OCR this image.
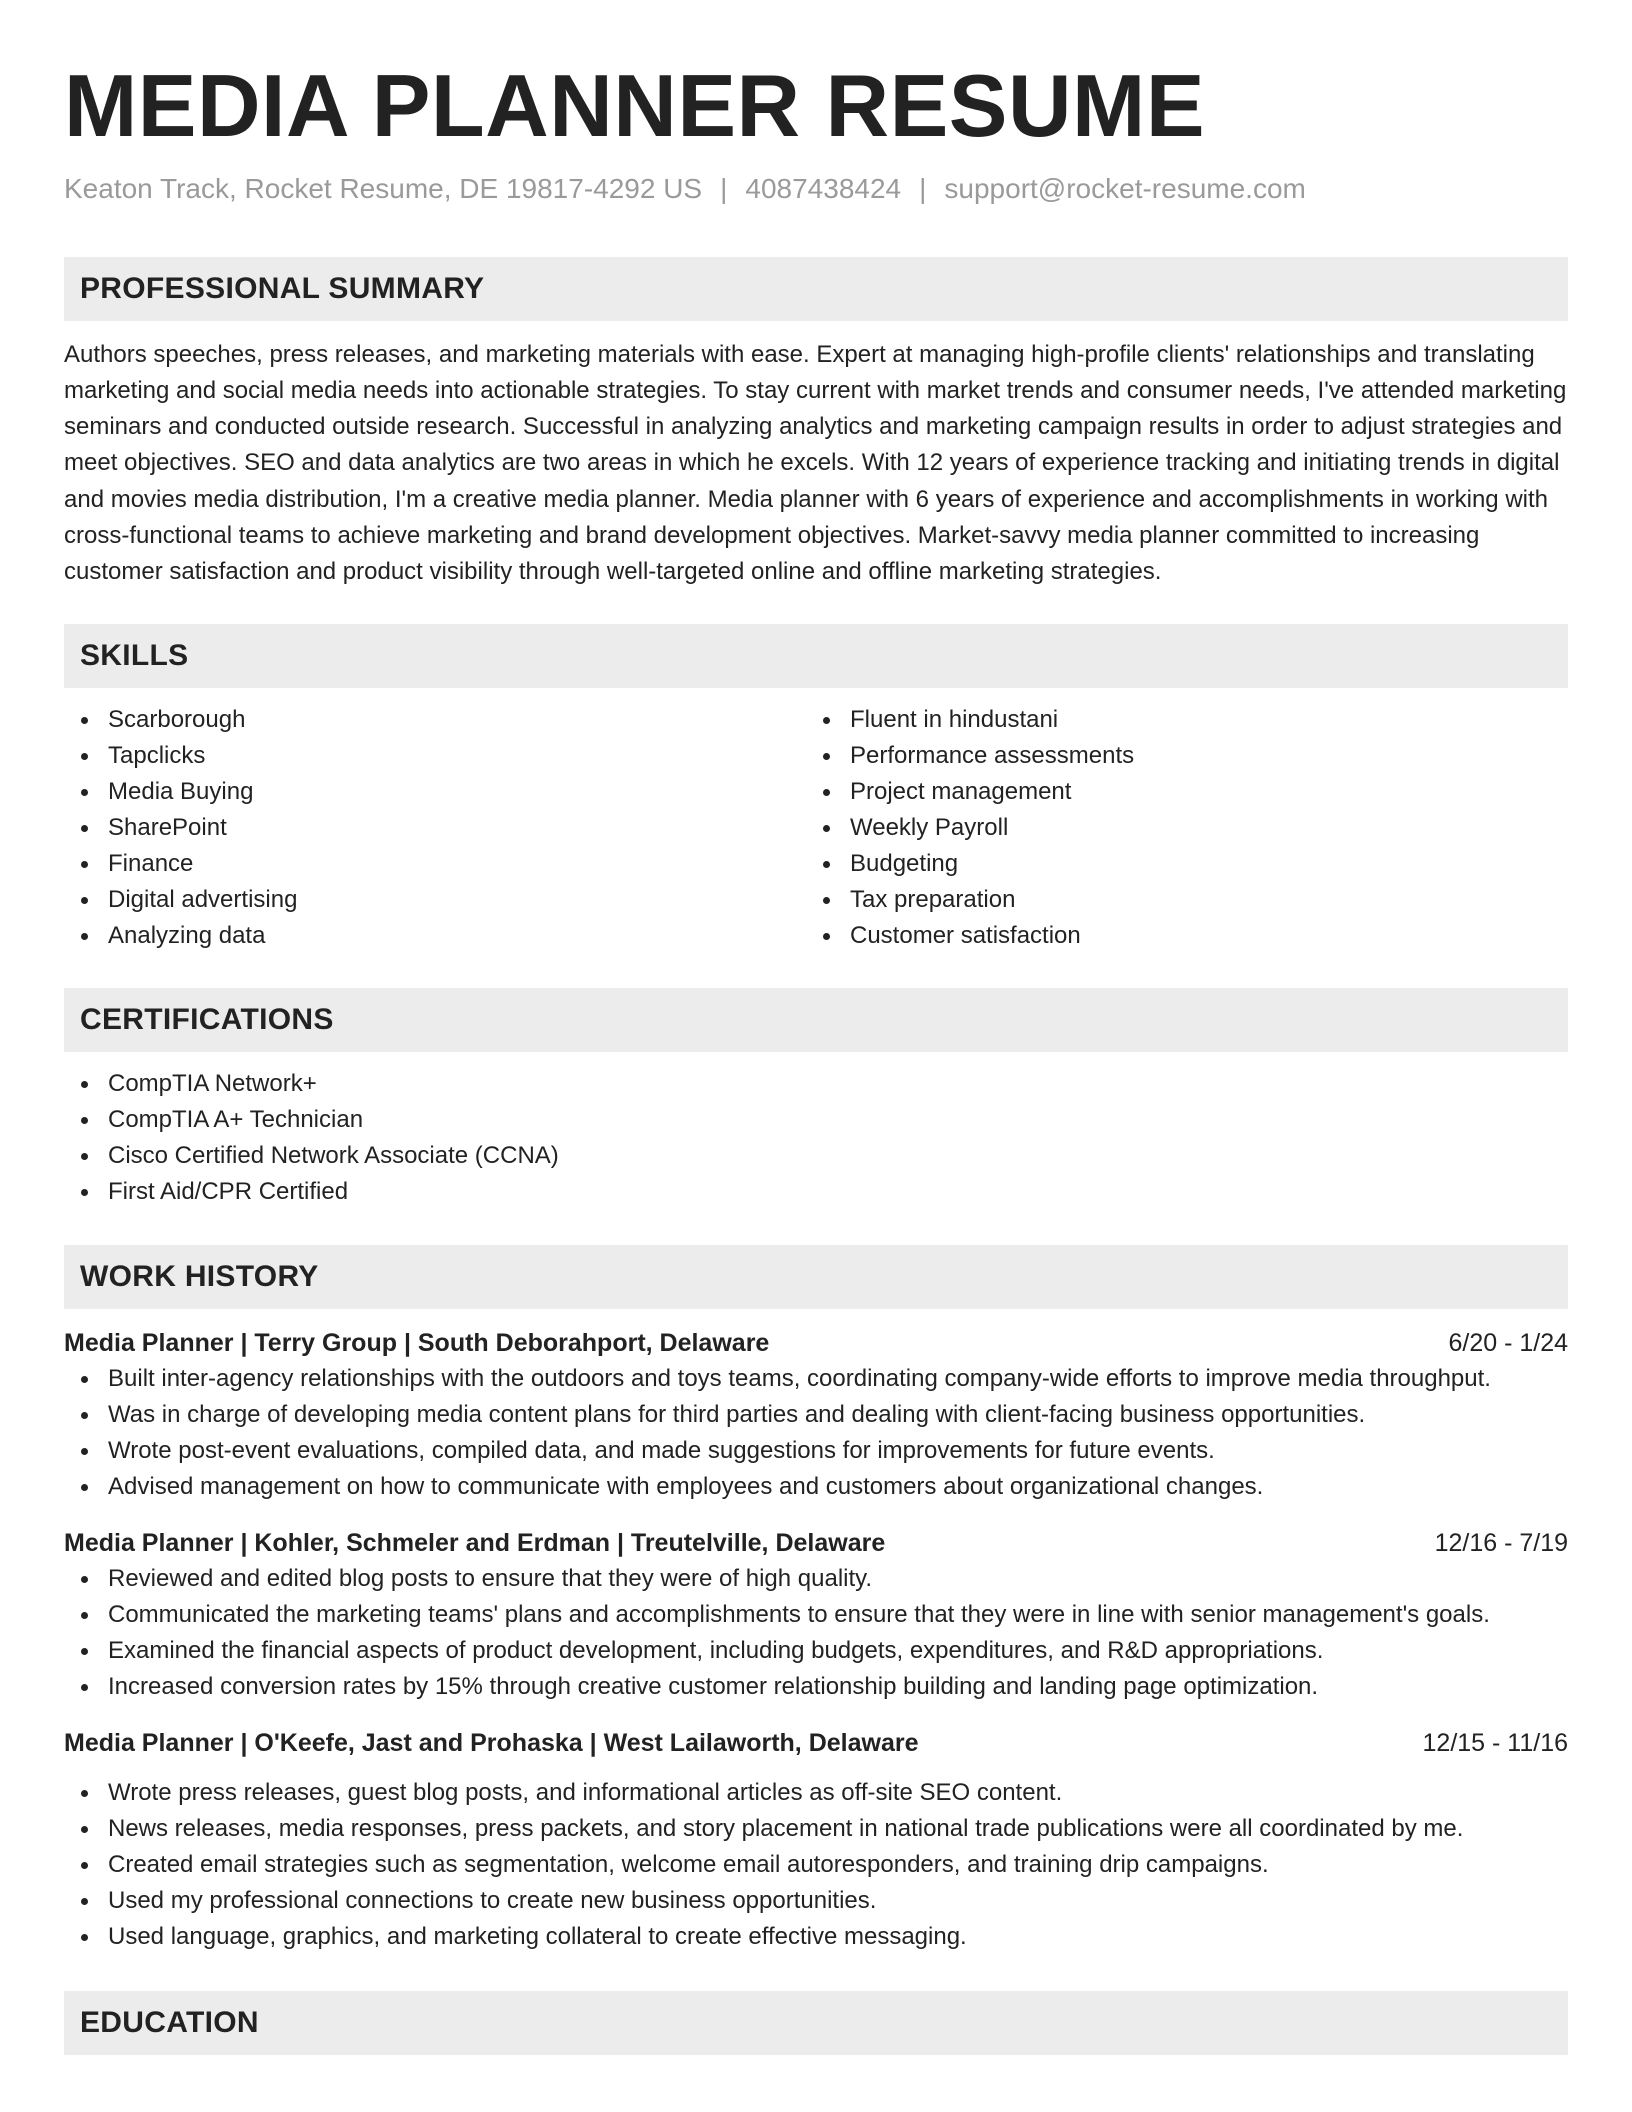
MEDIA PLANNER RESUME
Keaton Track, Rocket Resume, DE 19817-4292 US | 4087438424 | support@rocket-resume.com
PROFESSIONAL SUMMARY

Authors speeches, press releases, and marketing materials with ease. Expert at managing high-profile clients' relationships and translating marketing and social media needs into actionable strategies. To stay current with market trends and consumer needs, I've attended marketing seminars and conducted outside research. Successful in analyzing analytics and marketing campaign results in order to adjust strategies and meet objectives. SEO and data analytics are two areas in which he excels. With 12 years of experience tracking and initiating trends in digital and movies media distribution, I'm a creative media planner. Media planner with 6 years of experience and accomplishments in working with cross-functional teams to achieve marketing and brand development objectives. Market-savvy media planner committed to increasing customer satisfaction and product visibility through well-targeted online and offline marketing strategies.

SKILLS
Scarborough
Tapclicks
Media Buying
SharePoint
Finance
Digital advertising
Analyzing data
Fluent in hindustani
Performance assessments
Project management
Weekly Payroll
Budgeting
Tax preparation
Customer satisfaction
CERTIFICATIONS
CompTIA Network+
CompTIA A+ Technician
Cisco Certified Network Associate (CCNA)
First Aid/CPR Certified
WORK HISTORY
Media Planner | Terry Group | South Deborahport, Delaware	6/20 - 1/24
Built inter-agency relationships with the outdoors and toys teams, coordinating company-wide efforts to improve media throughput.
Was in charge of developing media content plans for third parties and dealing with client-facing business opportunities.
Wrote post-event evaluations, compiled data, and made suggestions for improvements for future events.
Advised management on how to communicate with employees and customers about organizational changes.
Media Planner | Kohler, Schmeler and Erdman | Treutelville, Delaware	12/16 - 7/19
Reviewed and edited blog posts to ensure that they were of high quality.
Communicated the marketing teams' plans and accomplishments to ensure that they were in line with senior management's goals.
Examined the financial aspects of product development, including budgets, expenditures, and R&D appropriations.
Increased conversion rates by 15% through creative customer relationship building and landing page optimization.
Media Planner | O'Keefe, Jast and Prohaska | West Lailaworth, Delaware	12/15 - 11/16
Wrote press releases, guest blog posts, and informational articles as off-site SEO content.
News releases, media responses, press packets, and story placement in national trade publications were all coordinated by me.
Created email strategies such as segmentation, welcome email autoresponders, and training drip campaigns.
Used my professional connections to create new business opportunities.
Used language, graphics, and marketing collateral to create effective messaging.
EDUCATION
